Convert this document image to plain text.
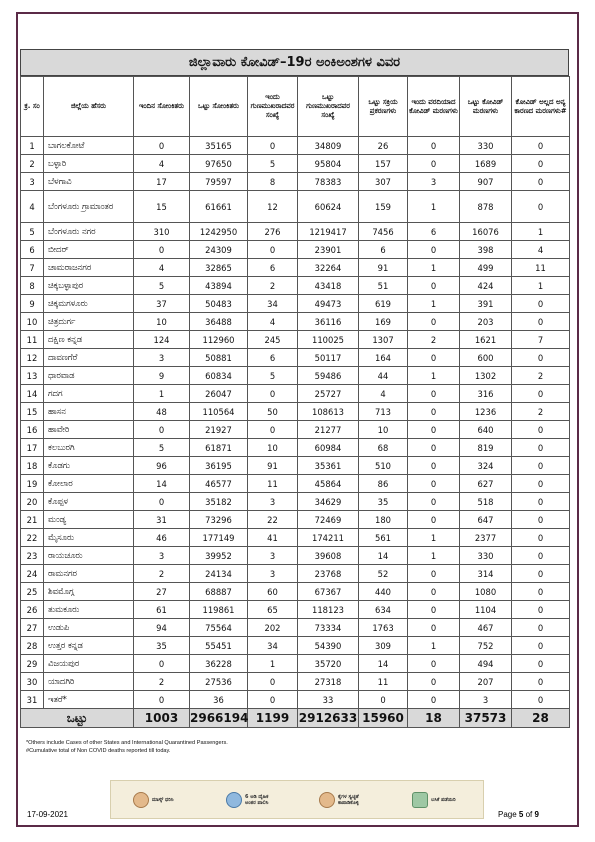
ಜಿಲ್ಲಾವಾರು ಕೋವಿಡ್–19ರ ಅಂಕಿಅಂಶಗಳ ವಿವರ
ಕ್ರ. ಸಂ	ಜಿಲ್ಲೆಯ ಹೆಸರು	ಇಂದಿನ ಸೋಂಕಿತರು	ಒಟ್ಟು ಸೋಂಕಿತರು	ಇಂದು ಗುಣಮುಖರಾದವರ ಸಂಖ್ಯೆ	ಒಟ್ಟು ಗುಣಮುಖರಾದವರ ಸಂಖ್ಯೆ	ಒಟ್ಟು ಸಕ್ರಿಯ ಪ್ರಕರಣಗಳು	ಇಂದು ವರದಿಯಾದ ಕೋವಿಡ್ ಮರಣಗಳು	ಒಟ್ಟು ಕೋವಿಡ್ ಮರಣಗಳು	ಕೋವಿಡ್ ಅಲ್ಲದ ಅನ್ಯ ಕಾರಣದ ಮರಣಗಳು#
1	ಬಾಗಲಕೋಟೆ	0	35165	0	34809	26	0	330	0
2	ಬಳ್ಳಾರಿ	4	97650	5	95804	157	0	1689	0
3	ಬೆಳಗಾವಿ	17	79597	8	78383	307	3	907	0
4	ಬೆಂಗಳೂರು ಗ್ರಾಮಾಂತರ	15	61661	12	60624	159	1	878	0
5	ಬೆಂಗಳೂರು ನಗರ	310	1242950	276	1219417	7456	6	16076	1
6	ಬೀದರ್	0	24309	0	23901	6	0	398	4
7	ಚಾಮರಾಜನಗರ	4	32865	6	32264	91	1	499	11
8	ಚಿಕ್ಕಬಳ್ಳಾಪುರ	5	43894	2	43418	51	0	424	1
9	ಚಿಕ್ಕಮಗಳೂರು	37	50483	34	49473	619	1	391	0
10	ಚಿತ್ರದುರ್ಗ	10	36488	4	36116	169	0	203	0
11	ದಕ್ಷಿಣ ಕನ್ನಡ	124	112960	245	110025	1307	2	1621	7
12	ದಾವಣಗೆರೆ	3	50881	6	50117	164	0	600	0
13	ಧಾರವಾಡ	9	60834	5	59486	44	1	1302	2
14	ಗದಗ	1	26047	0	25727	4	0	316	0
15	ಹಾಸನ	48	110564	50	108613	713	0	1236	2
16	ಹಾವೇರಿ	0	21927	0	21277	10	0	640	0
17	ಕಲಬುರಗಿ	5	61871	10	60984	68	0	819	0
18	ಕೊಡಗು	96	36195	91	35361	510	0	324	0
19	ಕೋಲಾರ	14	46577	11	45864	86	0	627	0
20	ಕೊಪ್ಪಳ	0	35182	3	34629	35	0	518	0
21	ಮಂಡ್ಯ	31	73296	22	72469	180	0	647	0
22	ಮೈಸೂರು	46	177149	41	174211	561	1	2377	0
23	ರಾಯಚೂರು	3	39952	3	39608	14	1	330	0
24	ರಾಮನಗರ	2	24134	3	23768	52	0	314	0
25	ಶಿವಮೊಗ್ಗ	27	68887	60	67367	440	0	1080	0
26	ತುಮಕೂರು	61	119861	65	118123	634	0	1104	0
27	ಉಡುಪಿ	94	75564	202	73334	1763	0	467	0
28	ಉತ್ತರ ಕನ್ನಡ	35	55451	34	54390	309	1	752	0
29	ವಿಜಯಪುರ	0	36228	1	35720	14	0	494	0
30	ಯಾದಗಿರಿ	2	27536	0	27318	11	0	207	0
31	ಇತರೆ*	0	36	0	33	0	0	3	0
ಒಟ್ಟು		1003	2966194	1199	2912633	15960	18	37573	28
*Others include Cases of other States and International Quarantined Passengers.
#Cumulative total of Non COVID deaths reported till today.
ಮಾಸ್ಕ್ ಧರಿಸಿ	6 ಅಡಿ ದೈಹಿಕ ಅಂತರ ಪಾಲಿಸಿ
ಕೈಗಳ ಸ್ವಚ್ಛತೆ ಕಾಪಾಡಿಕೊಳ್ಳಿ	ಲಸಿಕೆ ಪಡೆಯಿರಿ
17-09-2021	Page 5 of 9
